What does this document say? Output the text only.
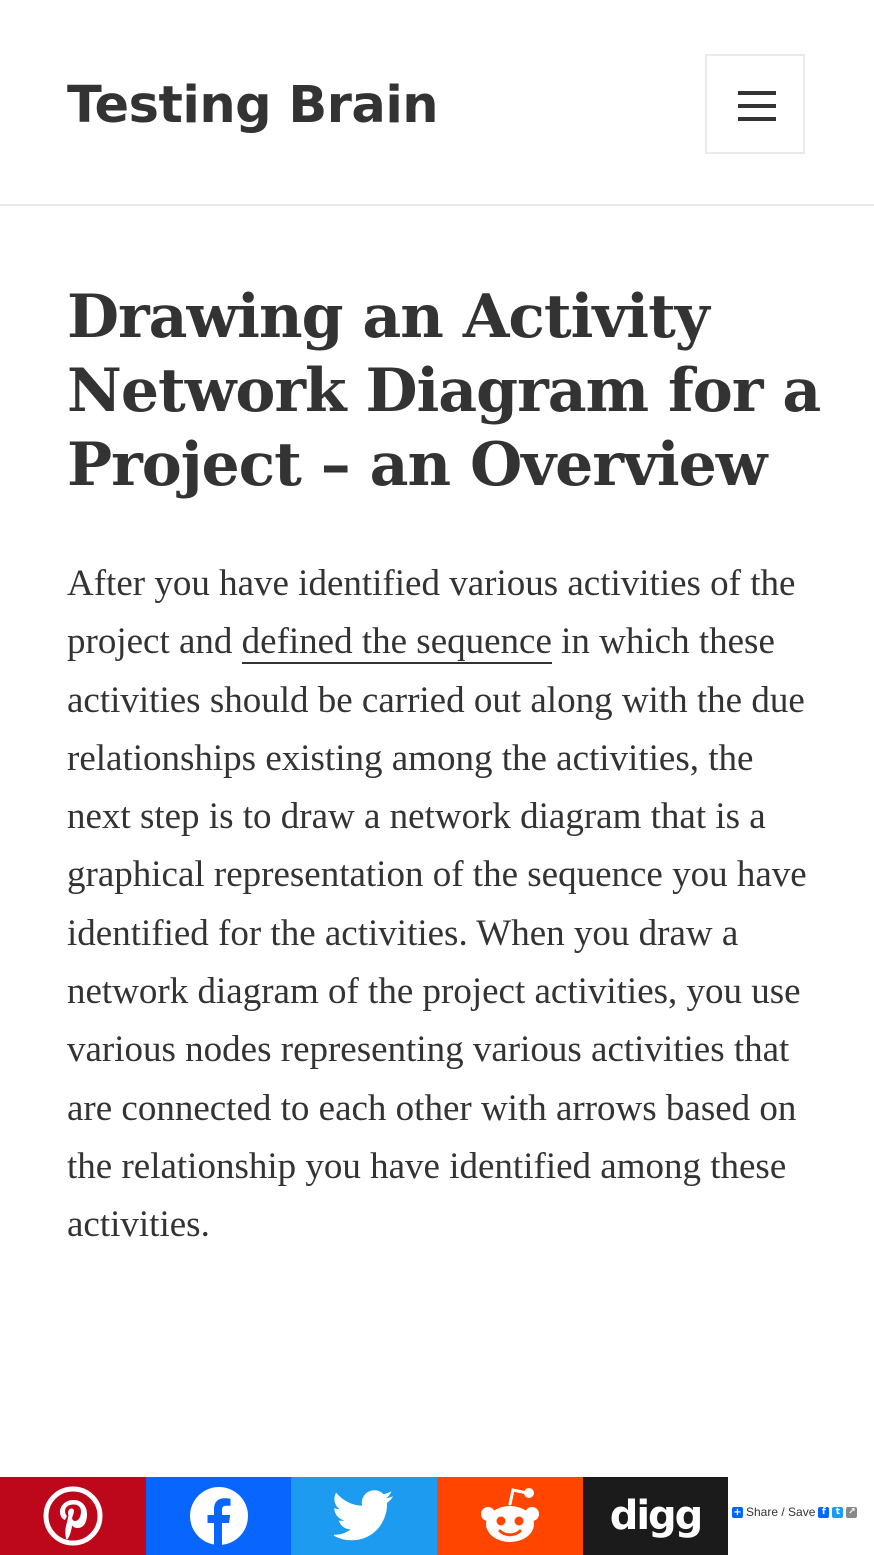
Testing Brain
Drawing an Activity Network Diagram for a Project – an Overview

After you have identified various activities of the project and defined the sequence in which these activities should be carried out along with the due relationships existing among the activities, the next step is to draw a network diagram that is a graphical representation of the sequence you have identified for the activities. When you draw a network diagram of the project activities, you use various nodes representing various activities that are connected to each other with arrows based on the relationship you have identified among these activities.

digg	+ Share / Save f	t ↗
